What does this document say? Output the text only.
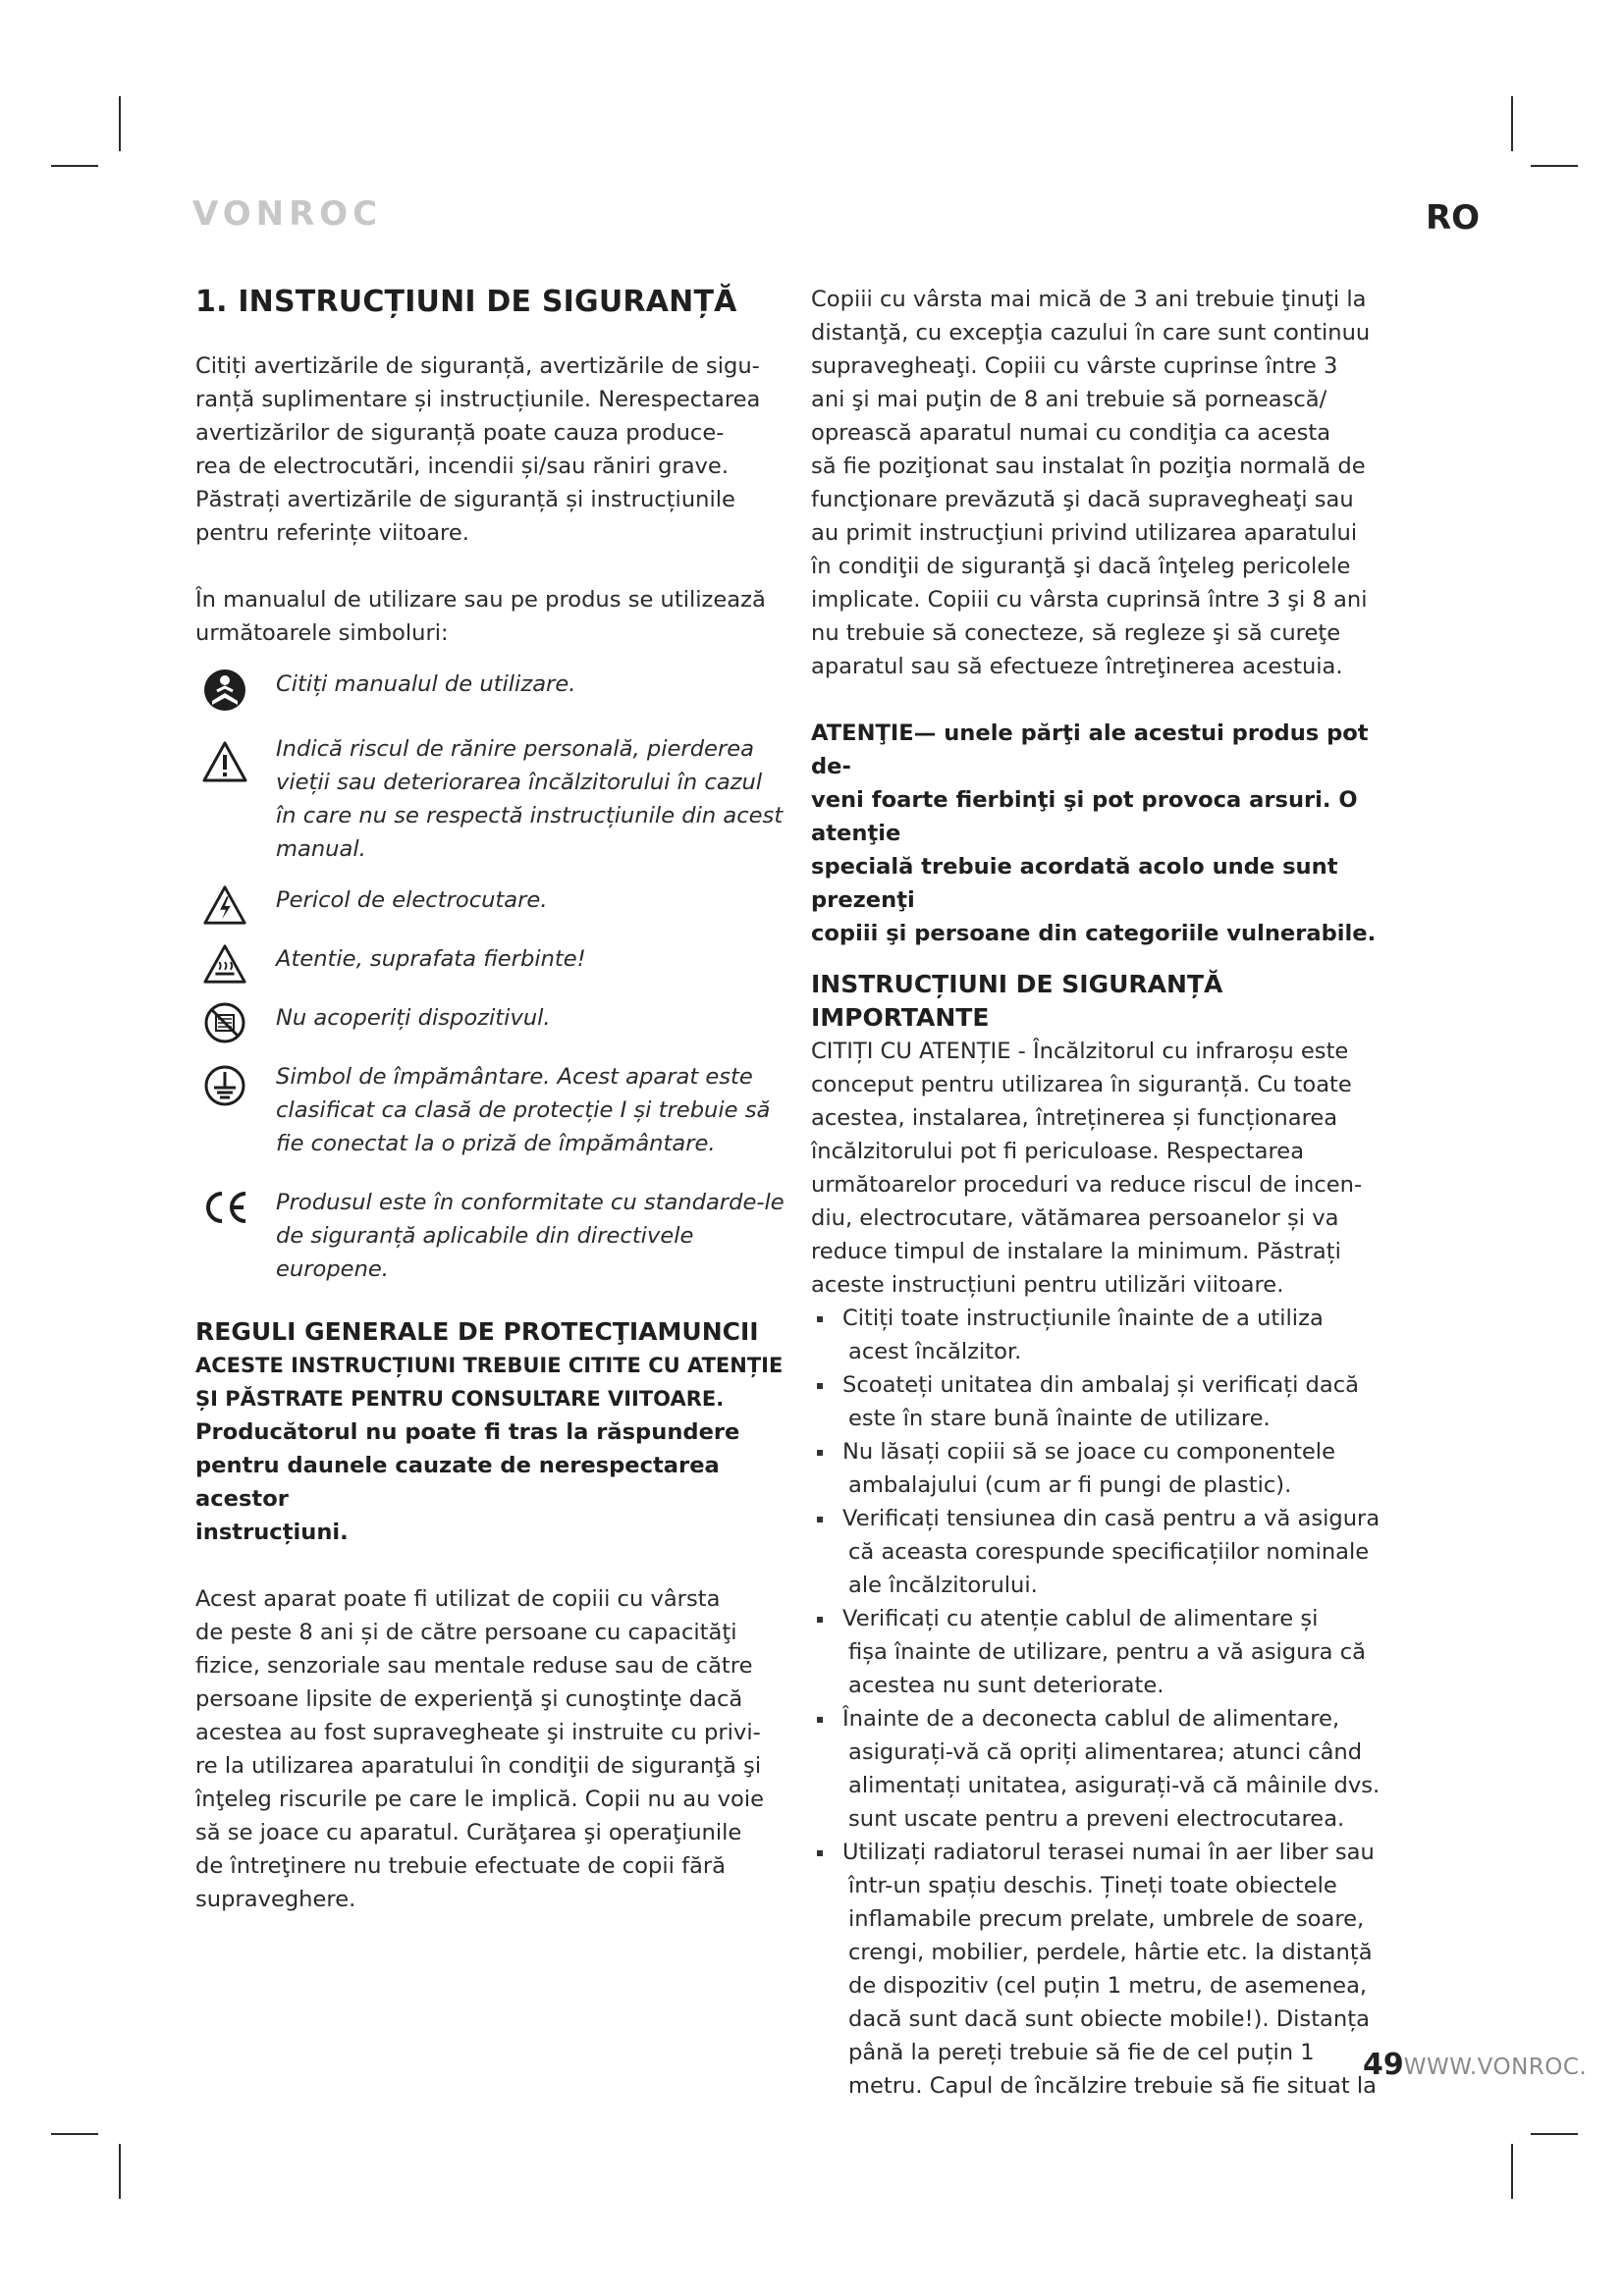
VONROC	RO
1. INSTRUCȚIUNI DE SIGURANȚĂ
Citiți avertizările de siguranță, avertizările de sigu-
ranță suplimentare și instrucțiunile. Nerespectarea
avertizărilor de siguranță poate cauza produce-
rea de electrocutări, incendii și/sau răniri grave.
Păstrați avertizările de siguranță și instrucțiunile
pentru referințe viitoare.
În manualul de utilizare sau pe produs se utilizează
următoarele simboluri:
Citiți manualul de utilizare.
Indică riscul de rănire personală, pierderea vieții sau deteriorarea încălzitorului în cazul în care nu se respectă instrucțiunile din acest manual.
Pericol de electrocutare.
Atentie, suprafata fierbinte!
Nu acoperiți dispozitivul.
Simbol de împământare. Acest aparat este clasificat ca clasă de protecție I și trebuie să fie conectat la o priză de împământare.
Produsul este în conformitate cu standarde-le de siguranță aplicabile din directivele europene.
REGULI GENERALE DE PROTECŢIAMUNCII
ACESTE INSTRUCȚIUNI TREBUIE CITITE CU ATENȚIE
ȘI PĂSTRATE PENTRU CONSULTARE VIITOARE.
Producătorul nu poate fi tras la răspundere
pentru daunele cauzate de nerespectarea acestor
instrucțiuni.
Acest aparat poate fi utilizat de copiii cu vârsta
de peste 8 ani și de către persoane cu capacităţi
fizice, senzoriale sau mentale reduse sau de către
persoane lipsite de experienţă şi cunoştinţe dacă
acestea au fost supravegheate şi instruite cu privi-
re la utilizarea aparatului în condiţii de siguranţă şi
înţeleg riscurile pe care le implică. Copii nu au voie
să se joace cu aparatul. Curăţarea şi operaţiunile
de întreţinere nu trebuie efectuate de copii fără
supraveghere.
Copiii cu vârsta mai mică de 3 ani trebuie ţinuţi la
distanţă, cu excepţia cazului în care sunt continuu
supravegheaţi. Copiii cu vârste cuprinse între 3
ani şi mai puţin de 8 ani trebuie să pornească/
oprească aparatul numai cu condiţia ca acesta
să fie poziţionat sau instalat în poziţia normală de
funcţionare prevăzută şi dacă supravegheaţi sau
au primit instrucţiuni privind utilizarea aparatului
în condiţii de siguranţă şi dacă înţeleg pericolele
implicate. Copiii cu vârsta cuprinsă între 3 şi 8 ani
nu trebuie să conecteze, să regleze şi să cureţe
aparatul sau să efectueze întreţinerea acestuia.
ATENŢIE— unele părţi ale acestui produs pot de-
veni foarte fierbinţi şi pot provoca arsuri. O atenţie
specială trebuie acordată acolo unde sunt prezenţi
copiii şi persoane din categoriile vulnerabile.
INSTRUCȚIUNI DE SIGURANȚĂ IMPORTANTE
CITIȚI CU ATENȚIE - Încălzitorul cu infraroșu este
conceput pentru utilizarea în siguranță. Cu toate
acestea, instalarea, întreținerea și funcționarea
încălzitorului pot fi periculoase. Respectarea
următoarelor proceduri va reduce riscul de incen-
diu, electrocutare, vătămarea persoanelor și va
reduce timpul de instalare la minimum. Păstrați
aceste instrucțiuni pentru utilizări viitoare.
Citiți toate instrucțiunile înainte de a utiliza
acest încălzitor.
Scoateți unitatea din ambalaj și verificați dacă
este în stare bună înainte de utilizare.
Nu lăsați copiii să se joace cu componentele
ambalajului (cum ar fi pungi de plastic).
Verificați tensiunea din casă pentru a vă asigura
că aceasta corespunde specificațiilor nominale
ale încălzitorului.
Verificați cu atenție cablul de alimentare și
fișa înainte de utilizare, pentru a vă asigura că
acestea nu sunt deteriorate.
Înainte de a deconecta cablul de alimentare,
asigurați-vă că opriți alimentarea; atunci când
alimentați unitatea, asigurați-vă că mâinile dvs.
sunt uscate pentru a preveni electrocutarea.
Utilizați radiatorul terasei numai în aer liber sau
într-un spațiu deschis. Țineți toate obiectele
inflamabile precum prelate, umbrele de soare,
crengi, mobilier, perdele, hârtie etc. la distanță
de dispozitiv (cel puțin 1 metru, de asemenea,
dacă sunt dacă sunt obiecte mobile!). Distanța
până la pereți trebuie să fie de cel puțin 1
metru. Capul de încălzire trebuie să fie situat la
49WWW.VONROC.
